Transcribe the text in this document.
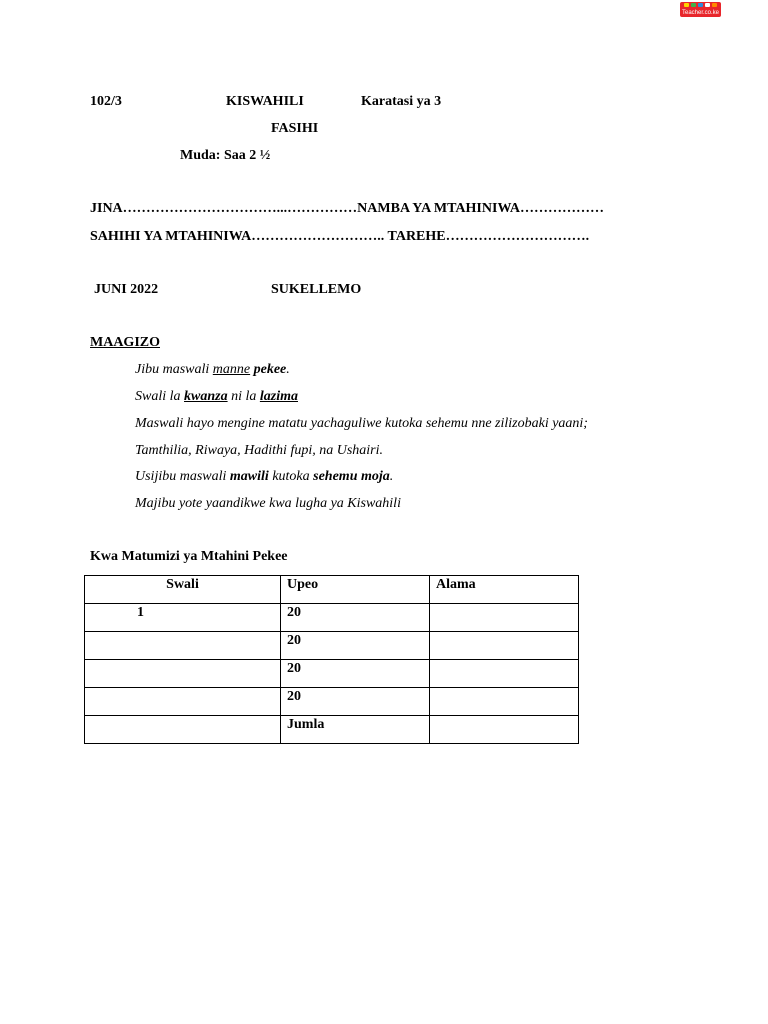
Teacher.co.ke
102/3	KISWAHILI	Karatasi ya 3
FASIHI
Muda: Saa 2 ½
JINA……………………………...……………NAMBA YA MTAHINIWA………………
SAHIHI YA MTAHINIWA……………………….. TAREHE………………………….
JUNI 2022	SUKELLEMO
MAAGIZO
Jibu maswali manne pekee.
Swali la kwanza ni la lazima
Maswali hayo mengine matatu yachaguliwe kutoka sehemu nne zilizobaki yaani;
Tamthilia, Riwaya, Hadithi fupi, na Ushairi.
Usijibu maswali mawili kutoka sehemu moja.
Majibu yote yaandikwe kwa lugha ya Kiswahili
Kwa Matumizi ya Mtahini Pekee
Swali	Upeo	Alama
1	20	
	20	
	20	
	20	
	Jumla	
